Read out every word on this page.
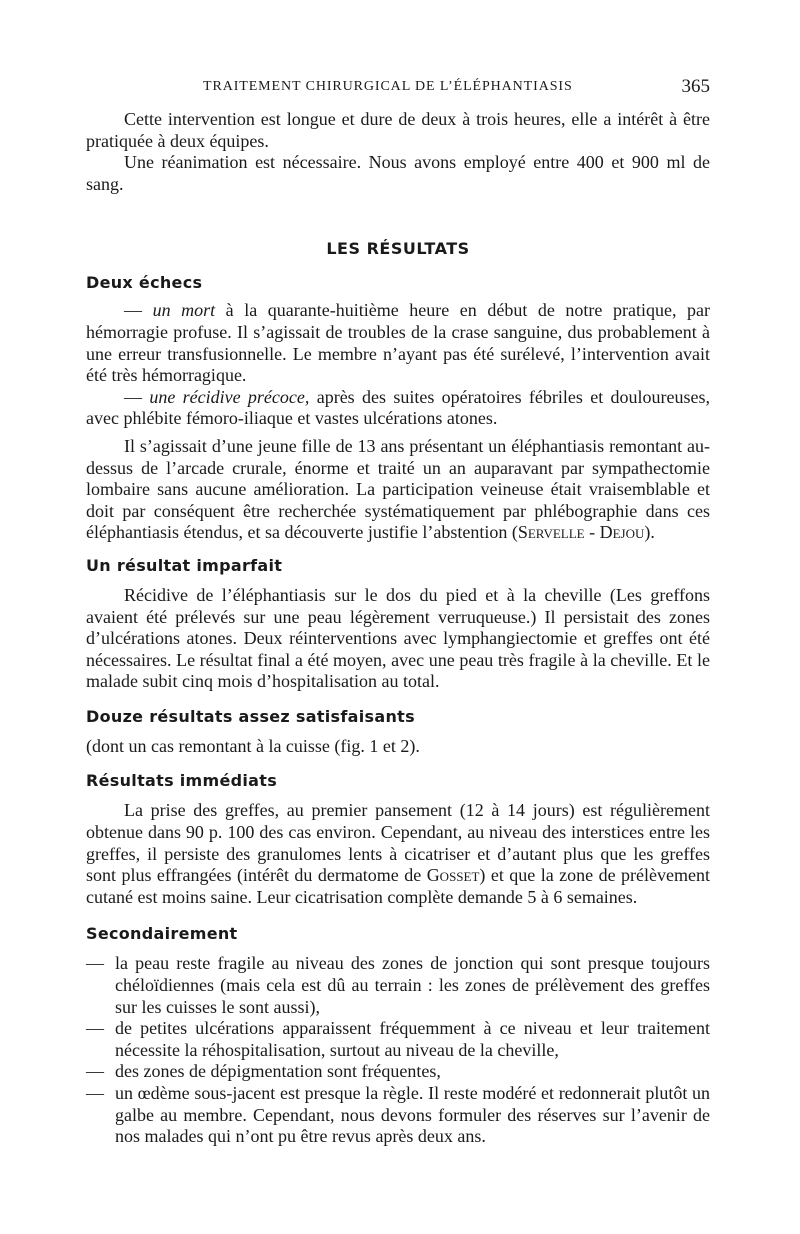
TRAITEMENT CHIRURGICAL DE L’ÉLÉPHANTIASIS	365

Cette intervention est longue et dure de deux à trois heures, elle a intérêt à être pratiquée à deux équipes.

Une réanimation est nécessaire. Nous avons employé entre 400 et 900 ml de sang.

LES RÉSULTATS
Deux échecs

— un mort à la quarante-huitième heure en début de notre pratique, par hémorragie profuse. Il s’agissait de troubles de la crase sanguine, dus probablement à une erreur transfusionnelle. Le membre n’ayant pas été surélevé, l’intervention avait été très hémorragique.

— une récidive précoce, après des suites opératoires fébriles et douloureuses, avec phlébite fémoro-iliaque et vastes ulcérations atones.

Il s’agissait d’une jeune fille de 13 ans présentant un éléphantiasis remontant au-dessus de l’arcade crurale, énorme et traité un an auparavant par sympathectomie lombaire sans aucune amélioration. La participation veineuse était vraisemblable et doit par conséquent être recherchée systématiquement par phlébographie dans ces éléphantiasis étendus, et sa découverte justifie l’abstention (Servelle - Dejou).

Un résultat imparfait

Récidive de l’éléphantiasis sur le dos du pied et à la cheville (Les greffons avaient été prélevés sur une peau légèrement verruqueuse.) Il persistait des zones d’ulcérations atones. Deux réinterventions avec lymphangiectomie et greffes ont été nécessaires. Le résultat final a été moyen, avec une peau très fragile à la cheville. Et le malade subit cinq mois d’hospitalisation au total.

Douze résultats assez satisfaisants

(dont un cas remontant à la cuisse (fig. 1 et 2).

Résultats immédiats

La prise des greffes, au premier pansement (12 à 14 jours) est régulièrement obtenue dans 90 p. 100 des cas environ. Cependant, au niveau des interstices entre les greffes, il persiste des granulomes lents à cicatriser et d’autant plus que les greffes sont plus effrangées (intérêt du dermatome de Gosset) et que la zone de prélèvement cutané est moins saine. Leur cicatrisation complète demande 5 à 6 semaines.

Secondairement
— la peau reste fragile au niveau des zones de jonction qui sont presque toujours chéloïdiennes (mais cela est dû au terrain : les zones de prélèvement des greffes sur les cuisses le sont aussi),
— de petites ulcérations apparaissent fréquemment à ce niveau et leur traitement nécessite la réhospitalisation, surtout au niveau de la cheville,
— des zones de dépigmentation sont fréquentes,
— un œdème sous-jacent est presque la règle. Il reste modéré et redonnerait plutôt un galbe au membre. Cependant, nous devons formuler des réserves sur l’avenir de nos malades qui n’ont pu être revus après deux ans.
